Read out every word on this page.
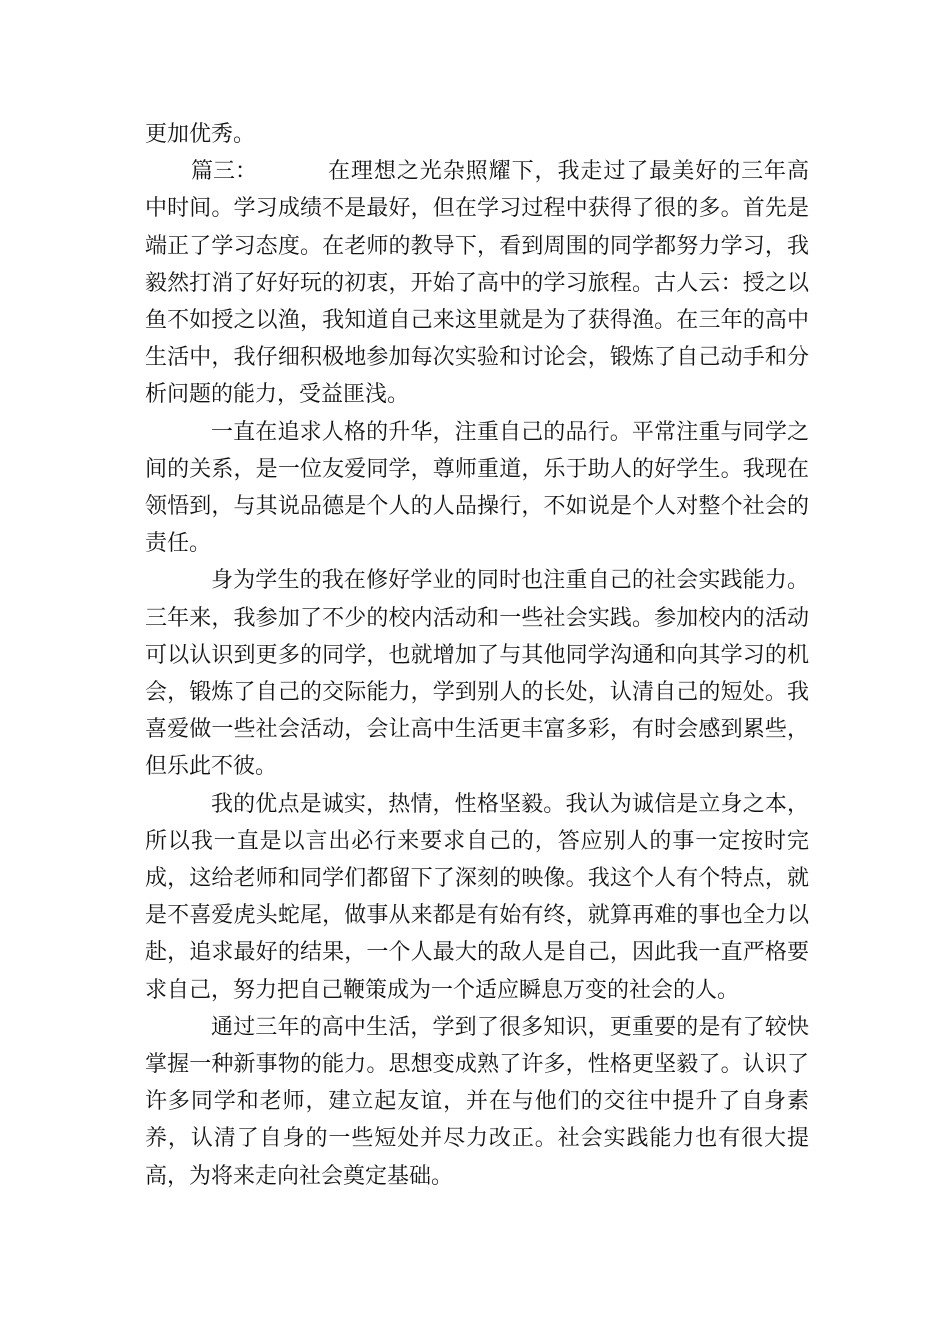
更加优秀。

篇三：	在理想之光杂照耀下，我走过了最美好的三年高中时间。学习成绩不是最好，但在学习过程中获得了很的多。首先是端正了学习态度。在老师的教导下，看到周围的同学都努力学习，我毅然打消了好好玩的初衷，开始了高中的学习旅程。古人云：授之以鱼不如授之以渔，我知道自己来这里就是为了获得渔。在三年的高中生活中，我仔细积极地参加每次实验和讨论会，锻炼了自己动手和分析问题的能力，受益匪浅。

一直在追求人格的升华，注重自己的品行。平常注重与同学之间的关系，是一位友爱同学，尊师重道，乐于助人的好学生。我现在领悟到，与其说品德是个人的人品操行，不如说是个人对整个社会的责任。

身为学生的我在修好学业的同时也注重自己的社会实践能力。三年来，我参加了不少的校内活动和一些社会实践。参加校内的活动可以认识到更多的同学，也就增加了与其他同学沟通和向其学习的机会，锻炼了自己的交际能力，学到别人的长处，认清自己的短处。我喜爱做一些社会活动，会让高中生活更丰富多彩，有时会感到累些，但乐此不彼。

我的优点是诚实，热情，性格坚毅。我认为诚信是立身之本，所以我一直是以言出必行来要求自己的，答应别人的事一定按时完成，这给老师和同学们都留下了深刻的映像。我这个人有个特点，就是不喜爱虎头蛇尾，做事从来都是有始有终，就算再难的事也全力以赴，追求最好的结果，一个人最大的敌人是自己，因此我一直严格要求自己，努力把自己鞭策成为一个适应瞬息万变的社会的人。

通过三年的高中生活，学到了很多知识，更重要的是有了较快掌握一种新事物的能力。思想变成熟了许多，性格更坚毅了。认识了许多同学和老师，建立起友谊，并在与他们的交往中提升了自身素养，认清了自身的一些短处并尽力改正。社会实践能力也有很大提高，为将来走向社会奠定基础。
